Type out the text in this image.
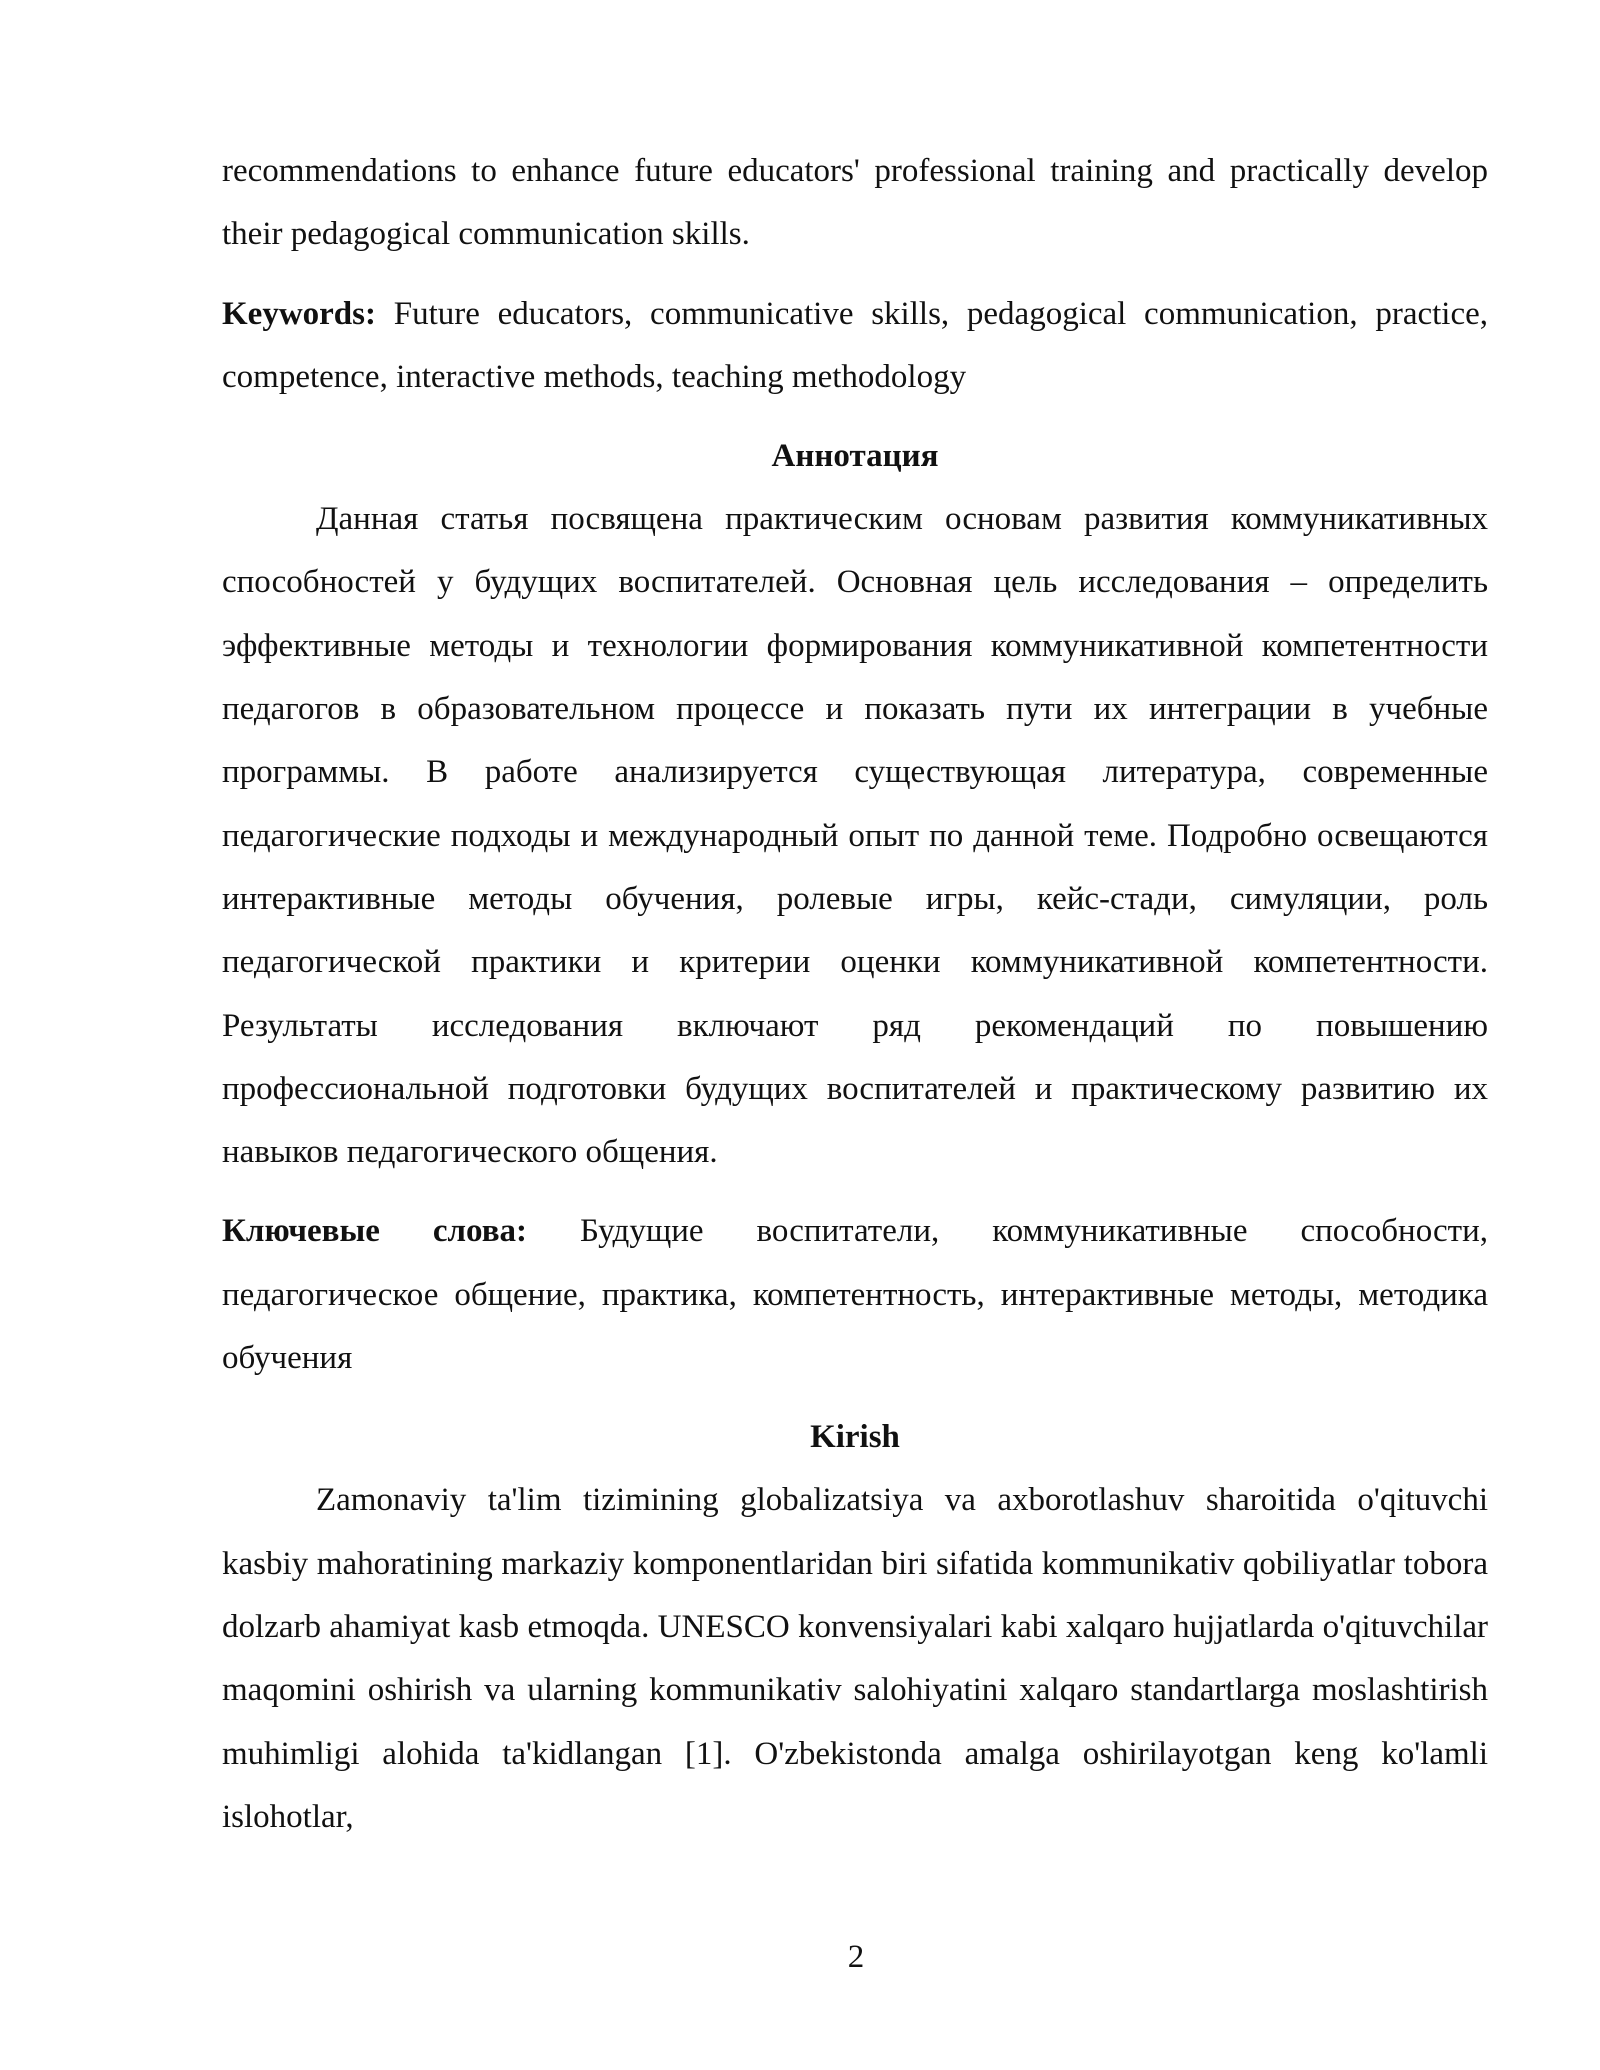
recommendations to enhance future educators' professional training and practically develop their pedagogical communication skills.

Keywords: Future educators, communicative skills, pedagogical communication, practice, competence, interactive methods, teaching methodology

Аннотация

Данная статья посвящена практическим основам развития коммуникативных способностей у будущих воспитателей. Основная цель исследования – определить эффективные методы и технологии формирования коммуникативной компетентности педагогов в образовательном процессе и показать пути их интеграции в учебные программы. В работе анализируется существующая литература, современные педагогические подходы и международный опыт по данной теме. Подробно освещаются интерактивные методы обучения, ролевые игры, кейс-стади, симуляции, роль педагогической практики и критерии оценки коммуникативной компетентности. Результаты исследования включают ряд рекомендаций по повышению профессиональной подготовки будущих воспитателей и практическому развитию их навыков педагогического общения.

Ключевые слова: Будущие воспитатели, коммуникативные способности, педагогическое общение, практика, компетентность, интерактивные методы, методика обучения

Kirish

Zamonaviy ta'lim tizimining globalizatsiya va axborotlashuv sharoitida o'qituvchi kasbiy mahoratining markaziy komponentlaridan biri sifatida kommunikativ qobiliyatlar tobora dolzarb ahamiyat kasb etmoqda. UNESCO konvensiyalari kabi xalqaro hujjatlarda o'qituvchilar maqomini oshirish va ularning kommunikativ salohiyatini xalqaro standartlarga moslashtirish muhimligi alohida ta'kidlangan [1]. O'zbekistonda amalga oshirilayotgan keng ko'lamli islohotlar,

2
